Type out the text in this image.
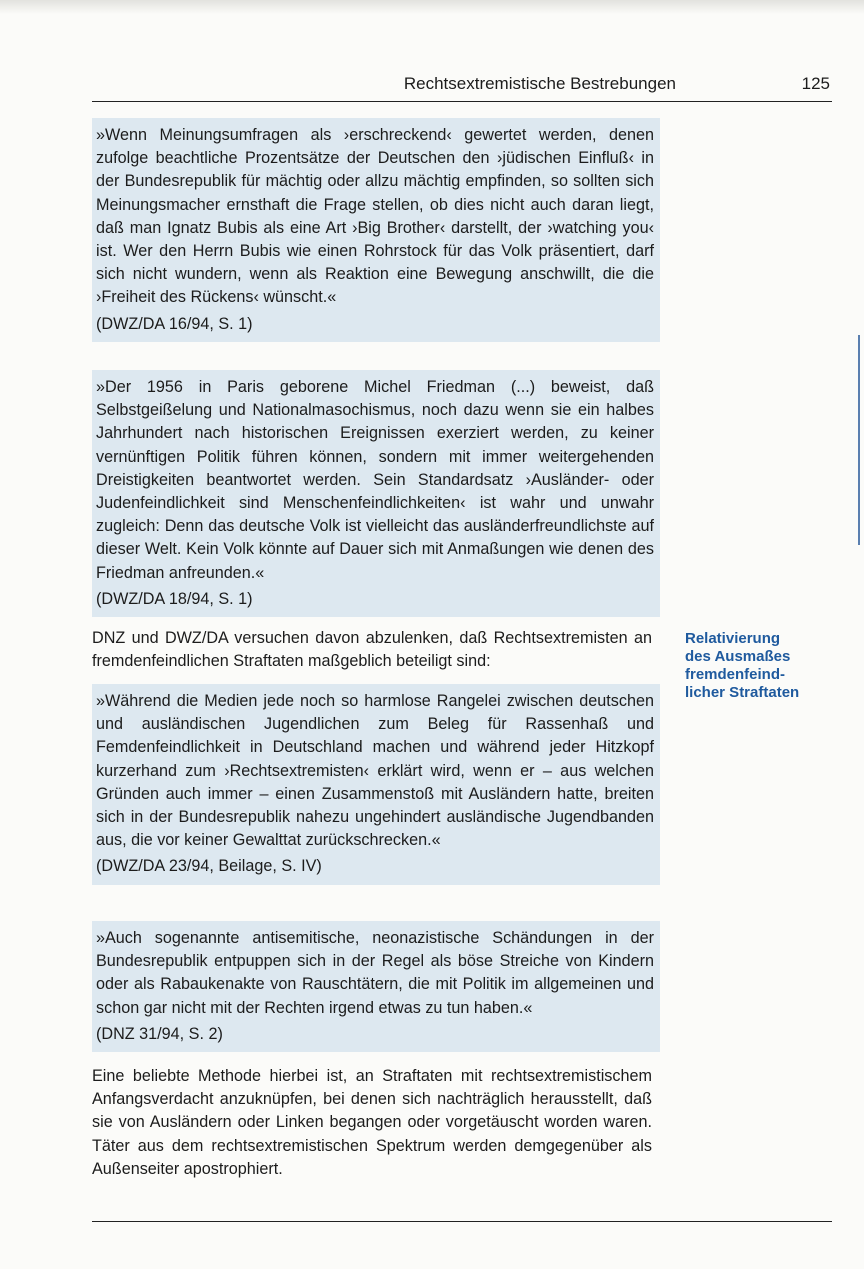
Rechtsextremistische Bestrebungen	125

»Wenn Meinungsumfragen als ›erschreckend‹ gewertet werden, denen zufolge beachtliche Prozentsätze der Deutschen den ›jüdischen Einfluß‹ in der Bundesrepublik für mächtig oder allzu mächtig empfinden, so sollten sich Meinungsmacher ernsthaft die Frage stellen, ob dies nicht auch daran liegt, daß man Ignatz Bubis als eine Art ›Big Brother‹ darstellt, der ›watching you‹ ist. Wer den Herrn Bubis wie einen Rohrstock für das Volk präsentiert, darf sich nicht wundern, wenn als Reaktion eine Bewegung anschwillt, die die ›Freiheit des Rückens‹ wünscht.«

(DWZ/DA 16/94, S. 1)

»Der 1956 in Paris geborene Michel Friedman (...) beweist, daß Selbstgeißelung und Nationalmasochismus, noch dazu wenn sie ein halbes Jahrhundert nach historischen Ereignissen exerziert werden, zu keiner vernünftigen Politik führen können, sondern mit immer weitergehenden Dreistigkeiten beantwortet werden. Sein Standardsatz ›Ausländer- oder Judenfeindlichkeit sind Menschenfeindlichkeiten‹ ist wahr und unwahr zugleich: Denn das deutsche Volk ist vielleicht das ausländerfreundlichste auf dieser Welt. Kein Volk könnte auf Dauer sich mit Anmaßungen wie denen des Friedman anfreunden.«

(DWZ/DA 18/94, S. 1)

DNZ und DWZ/DA versuchen davon abzulenken, daß Rechtsextremisten an fremdenfeindlichen Straftaten maßgeblich beteiligt sind:

»Während die Medien jede noch so harmlose Rangelei zwischen deutschen und ausländischen Jugendlichen zum Beleg für Rassenhaß und Femdenfeindlichkeit in Deutschland machen und während jeder Hitzkopf kurzerhand zum ›Rechtsextremisten‹ erklärt wird, wenn er – aus welchen Gründen auch immer – einen Zusammenstoß mit Ausländern hatte, breiten sich in der Bundesrepublik nahezu ungehindert ausländische Jugendbanden aus, die vor keiner Gewalttat zurückschrecken.«

(DWZ/DA 23/94, Beilage, S. IV)

»Auch sogenannte antisemitische, neonazistische Schändungen in der Bundesrepublik entpuppen sich in der Regel als böse Streiche von Kindern oder als Rabaukenakte von Rauschtätern, die mit Politik im allgemeinen und schon gar nicht mit der Rechten irgend etwas zu tun haben.«

(DNZ 31/94, S. 2)

Eine beliebte Methode hierbei ist, an Straftaten mit rechtsextremistischem Anfangsverdacht anzuknüpfen, bei denen sich nachträglich herausstellt, daß sie von Ausländern oder Linken begangen oder vorgetäuscht worden waren. Täter aus dem rechtsextremistischen Spektrum werden demgegenüber als Außenseiter apostrophiert.

Relativierung
des Ausmaßes
fremdenfeind-
licher Straftaten
